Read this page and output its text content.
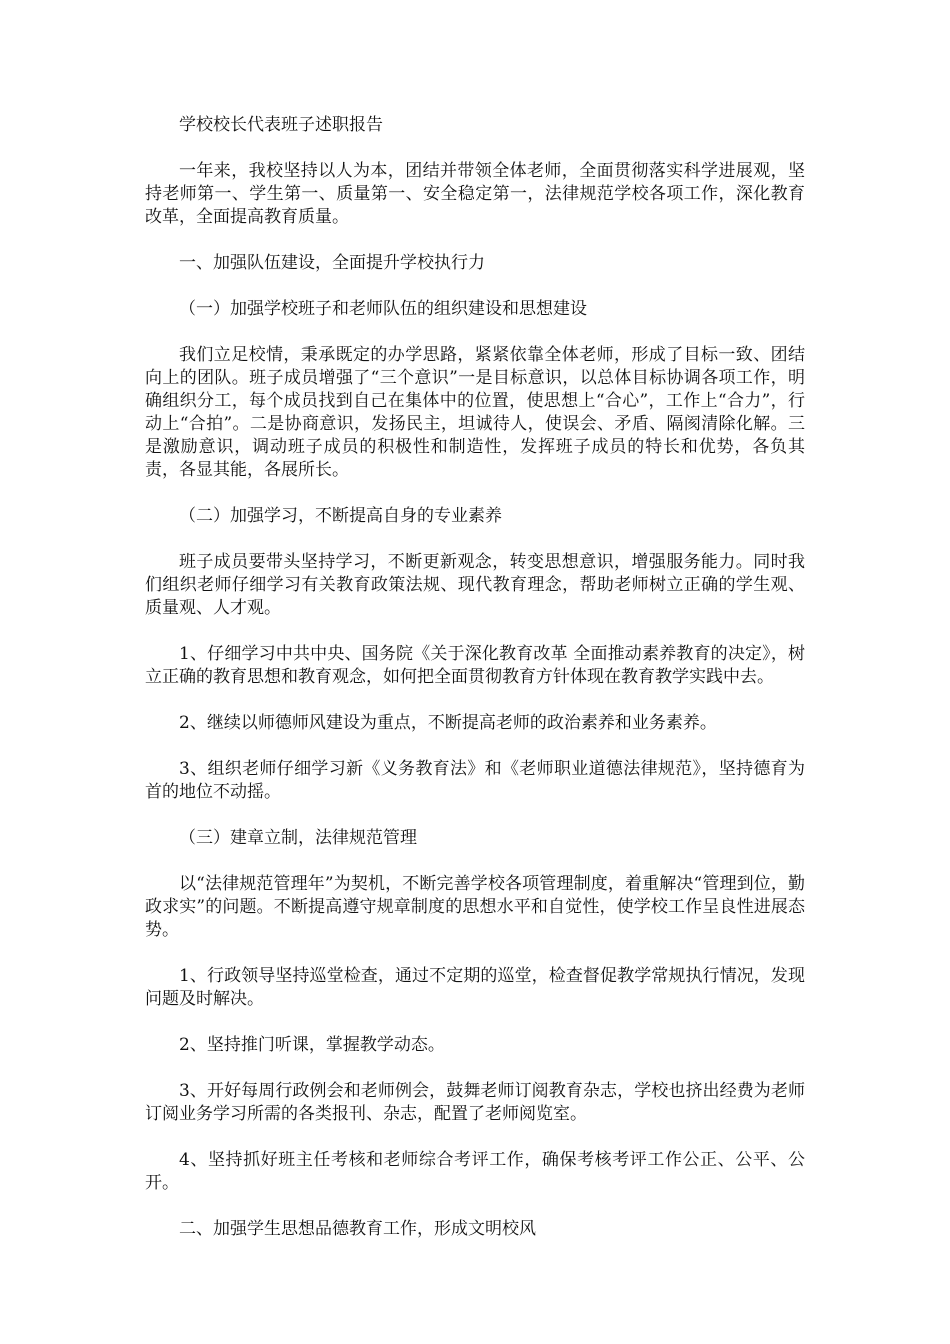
学校校长代表班子述职报告

一年来，我校坚持以人为本，团结并带领全体老师，全面贯彻落实科学进展观，坚持老师第一、学生第一、质量第一、安全稳定第一，法律规范学校各项工作，深化教育改革，全面提高教育质量。

一、加强队伍建设，全面提升学校执行力

（一）加强学校班子和老师队伍的组织建设和思想建设

我们立足校情，秉承既定的办学思路，紧紧依靠全体老师，形成了目标一致、团结向上的团队。班子成员增强了“三个意识”一是目标意识，以总体目标协调各项工作，明确组织分工，每个成员找到自己在集体中的位置，使思想上“合心”，工作上“合力”，行动上“合拍”。二是协商意识，发扬民主，坦诚待人，使误会、矛盾、隔阂清除化解。三是激励意识，调动班子成员的积极性和制造性，发挥班子成员的特长和优势，各负其责，各显其能，各展所长。

（二）加强学习，不断提高自身的专业素养

班子成员要带头坚持学习，不断更新观念，转变思想意识，增强服务能力。同时我们组织老师仔细学习有关教育政策法规、现代教育理念，帮助老师树立正确的学生观、质量观、人才观。

1、仔细学习中共中央、国务院《关于深化教育改革 全面推动素养教育的决定》，树立正确的教育思想和教育观念，如何把全面贯彻教育方针体现在教育教学实践中去。

2、继续以师德师风建设为重点，不断提高老师的政治素养和业务素养。

3、组织老师仔细学习新《义务教育法》和《老师职业道德法律规范》，坚持德育为首的地位不动摇。

（三）建章立制，法律规范管理

以“法律规范管理年”为契机，不断完善学校各项管理制度，着重解决“管理到位，勤政求实”的问题。不断提高遵守规章制度的思想水平和自觉性，使学校工作呈良性进展态势。

1、行政领导坚持巡堂检查，通过不定期的巡堂，检查督促教学常规执行情况，发现问题及时解决。

2、坚持推门听课，掌握教学动态。

3、开好每周行政例会和老师例会，鼓舞老师订阅教育杂志，学校也挤出经费为老师订阅业务学习所需的各类报刊、杂志，配置了老师阅览室。

4、坚持抓好班主任考核和老师综合考评工作，确保考核考评工作公正、公平、公开。

二、加强学生思想品德教育工作，形成文明校风
